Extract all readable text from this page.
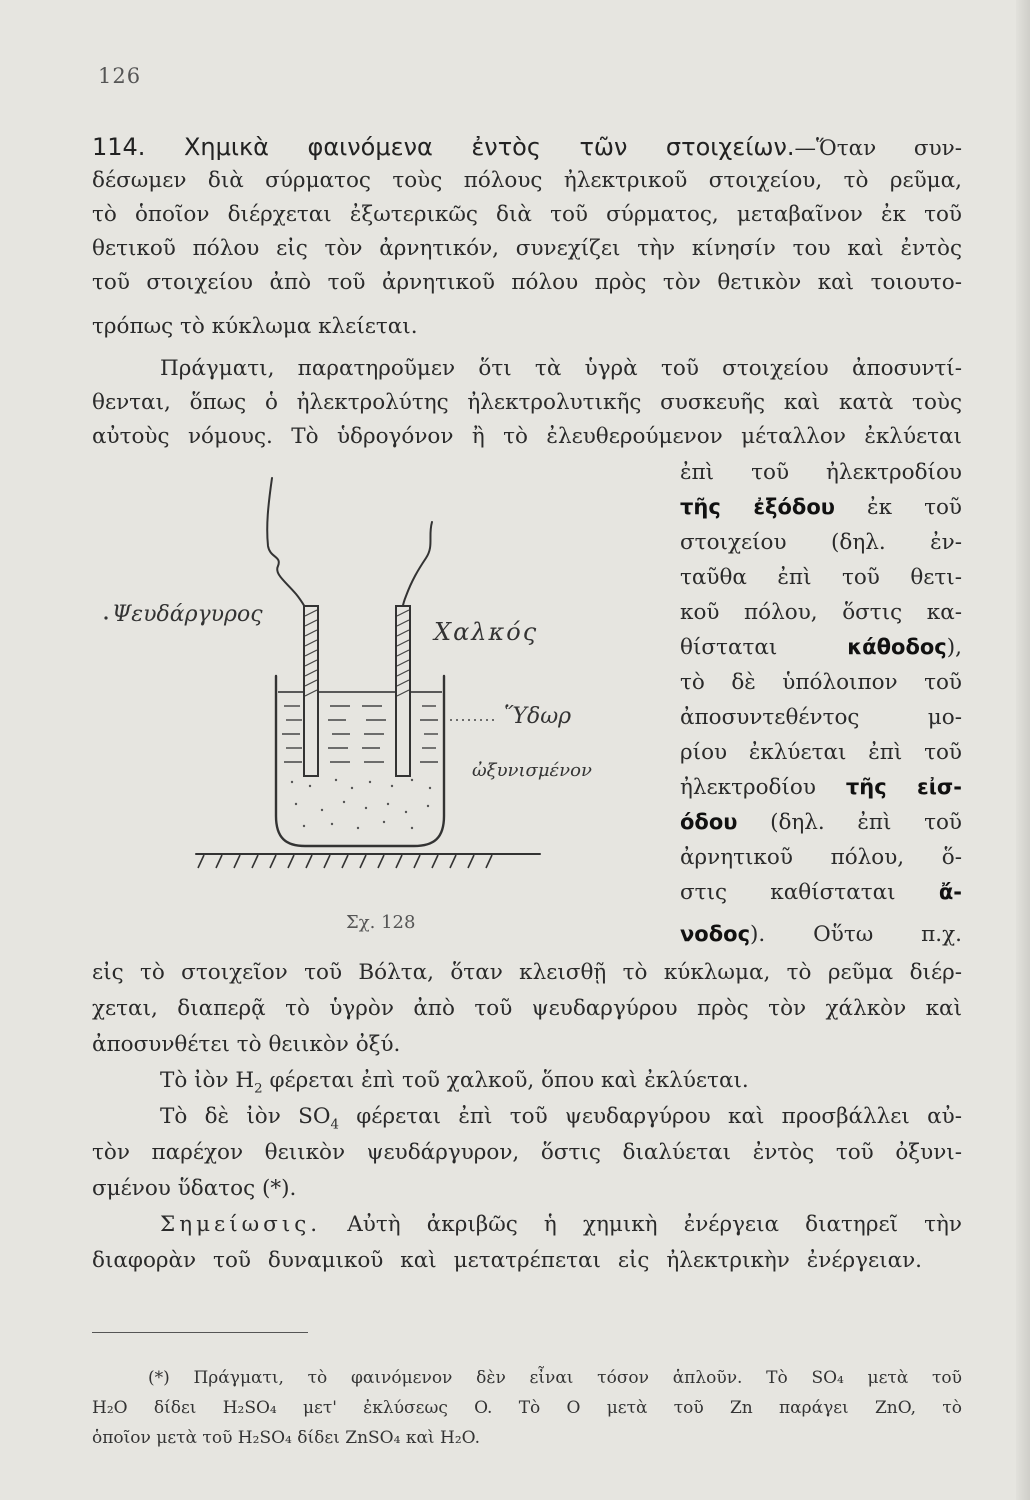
126
114. Χημικὰ φαινόμενα ἐντὸς τῶν στοιχείων.—Ὅταν συν-
δέσωμεν διὰ σύρματος τοὺς πόλους ἠλεκτρικοῦ στοιχείου, τὸ ρεῦμα,
τὸ ὁποῖον διέρχεται ἐξωτερικῶς διὰ τοῦ σύρματος, μεταβαῖνον ἐκ τοῦ
θετικοῦ πόλου εἰς τὸν ἀρνητικόν, συνεχίζει τὴν κίνησίν του καὶ ἐντὸς
τοῦ στοιχείου ἀπὸ τοῦ ἀρνητικοῦ πόλου πρὸς τὸν θετικὸν καὶ τοιουτο-
τρόπως τὸ κύκλωμα κλείεται.
Πράγματι, παρατηροῦμεν ὅτι τὰ ὑγρὰ τοῦ στοιχείου ἀποσυντί-
θενται, ὅπως ὁ ἠλεκτρολύτης ἠλεκτρολυτικῆς συσκευῆς καὶ κατὰ τοὺς
αὐτοὺς νόμους. Τὸ ὑδρογόνον ἢ τὸ ἐλευθερούμενον μέταλλον ἐκλύεται
ἐπὶ τοῦ ἠλεκτροδίου
τῆς ἐξόδου ἐκ τοῦ
στοιχείου (δηλ. ἐν-
ταῦθα ἐπὶ τοῦ θετι-
κοῦ πόλου, ὅστις κα-
θίσταται	κάθοδος),
τὸ δὲ ὑπόλοιπον τοῦ
ἀποσυντεθέντος μο-
ρίου ἐκλύεται ἐπὶ τοῦ
ἠλεκτροδίου τῆς εἰσ-
όδου (δηλ. ἐπὶ τοῦ
ἀρνητικοῦ πόλου, ὅ-
στις καθίσταται ἄ-
νοδος). Οὕτω π.χ.
Ψευδάργυρος
Χαλκός
Ὕδωρ
ὠξυνισμένον
Σχ. 128
εἰς τὸ στοιχεῖον τοῦ Βόλτα, ὅταν κλεισθῇ τὸ κύκλωμα, τὸ ρεῦμα διέρ-
χεται, διαπερᾷ τὸ ὑγρὸν ἀπὸ τοῦ ψευδαργύρου πρὸς τὸν χάλκὸν καὶ
ἀποσυνθέτει τὸ θειικὸν ὀξύ.
Τὸ ἰὸν $H_2$ φέρεται ἐπὶ τοῦ χαλκοῦ, ὅπου καὶ ἐκλύεται.
Τὸ δὲ ἰὸν $SO_4$ φέρεται ἐπὶ τοῦ ψευδαργύρου καὶ προσβάλλει αὐ-
τὸν παρέχον θειικὸν ψευδάργυρον, ὅστις διαλύεται ἐντὸς τοῦ ὀξυνι-
σμένου ὕδατος (*).
Σημείωσις. Αὐτὴ ἀκριβῶς ἡ χημικὴ ἐνέργεια διατηρεῖ τὴν
διαφορὰν τοῦ δυναμικοῦ καὶ μετατρέπεται εἰς ἠλεκτρικὴν ἐνέργειαν.
(*) Πράγματι, τὸ φαινόμενον δὲν εἶναι τόσον ἁπλοῦν. Τὸ SO₄ μετὰ τοῦ
H₂O δίδει H₂SO₄ μετ' ἐκλύσεως O. Τὸ O μετὰ τοῦ Zn παράγει ZnO, τὸ
ὁποῖον μετὰ τοῦ H₂SO₄ δίδει ZnSO₄ καὶ H₂O.
